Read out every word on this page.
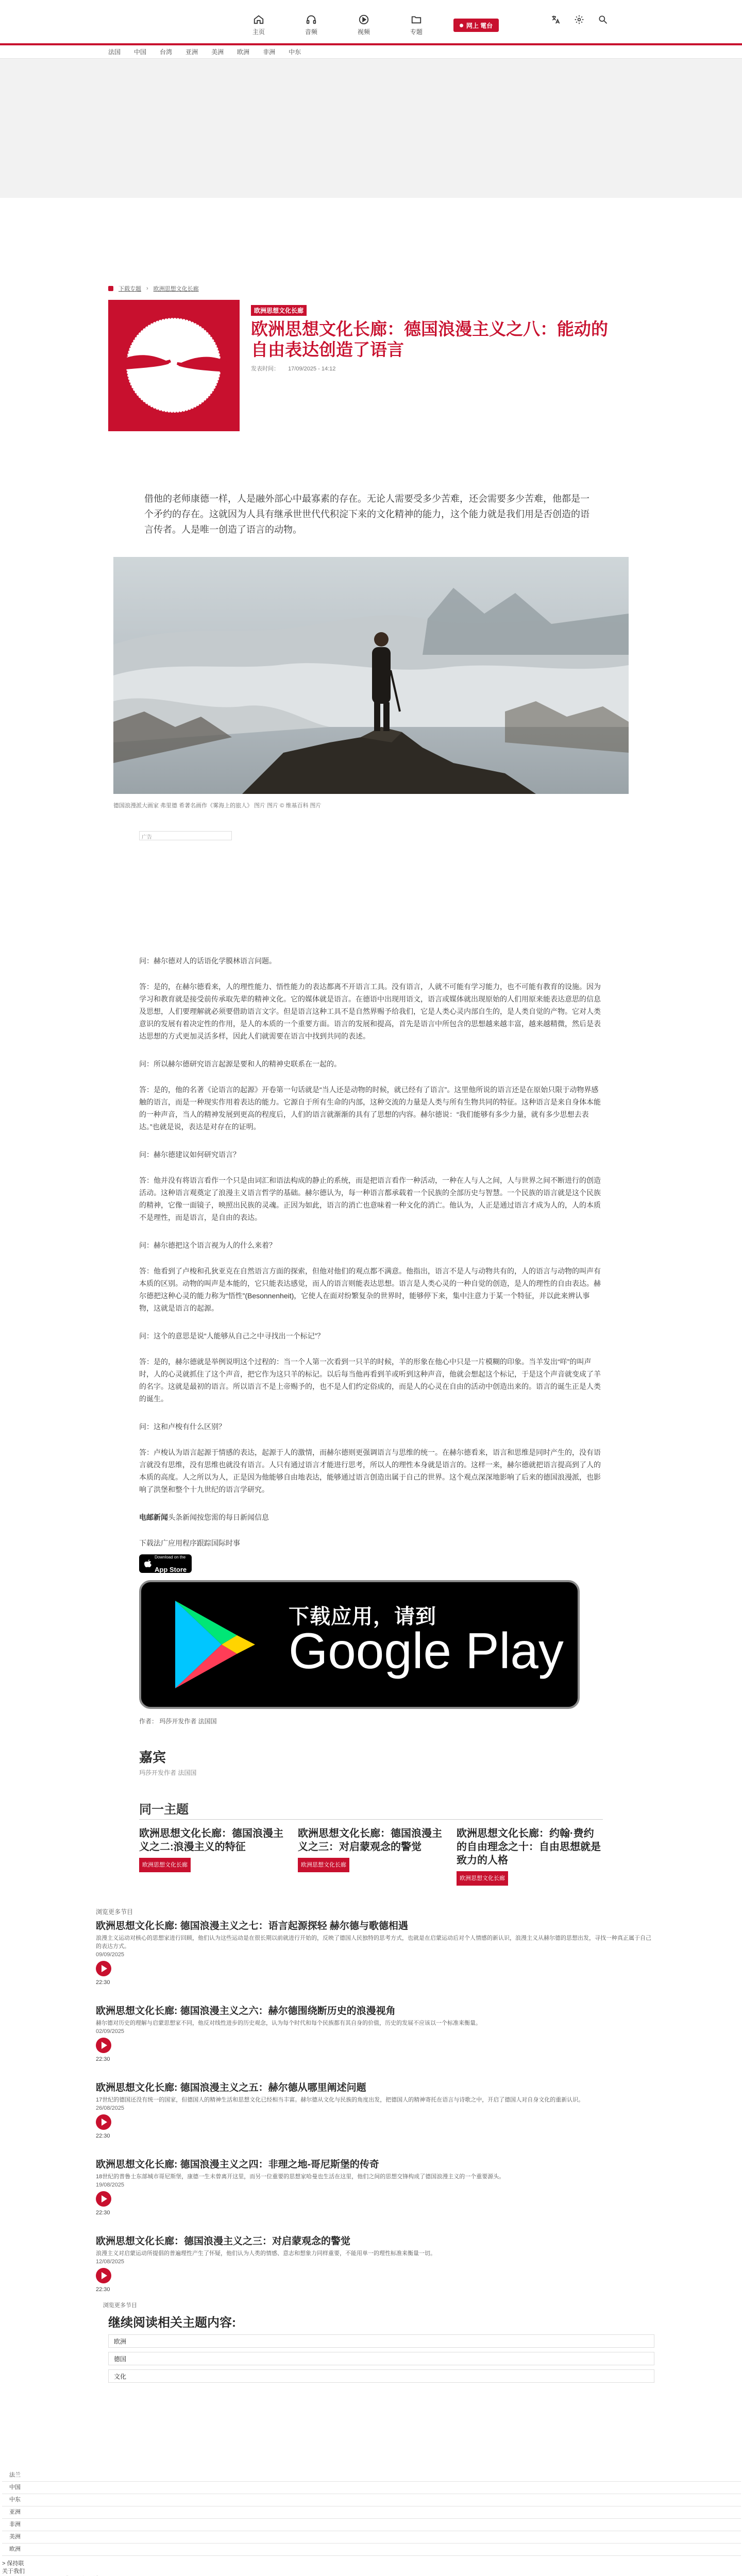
主页	音频	视频	专题
网上 電台
法国 中国 台湾 亚洲 美洲 欧洲 非洲 中东
下载专题 › 欧洲思想文化长廊
欧洲思想文化长廊
欧洲思想文化长廊：德国浪漫主义之八：能动的自由表达创造了语言
发表时间： 17/09/2025 - 14:12

借他的老师康德一样，人是融外部心中最寡素的存在。无论人需要受多少苦难，还会需要多少苦难，他都是一个矛约的存在。这就因为人具有继承世世代代积淀下来的文化精神的能力，这个能力就是我们用是否创造的语言传者。人是唯一创造了语言的动物。

德国浪漫派大画家 弗里德 希著名画作《雾海上的旅人》 图片 图片 © 维基百科 图片

广告

问：赫尔德对人的话语化学膜林语言问题。

答：是的，在赫尔德看来，人的理性能力、悟性能力的表达都离不开语言工具。没有语言，人就不可能有学习能力，也不可能有教育的设施。因为学习和教育就是接受前传承取先辈的精神文化。它的媒体就是语言。在德语中出现用语文，语言或媒体就出现原始的人们用原来能表达意思的信息及思想，人们要理解就必须要借助语言文字。但是语言这种工具不是自然界赐予给我们，它是人类心灵内部自生的，是人类自觉的产物。它对人类意识的发展有着决定性的作用，是人的本质的一个重要方面。语言的发展和提高，首先是语言中所包含的思想越来越丰富，越来越精微，然后是表达思想的方式更加灵活多样，因此人们就需要在语言中找到共同的表述。

问：所以赫尔德研究语言起源是要和人的精神史联系在一起的。

答：是的，他的名著《论语言的起源》开卷第一句话就是“当人还是动物的时候，就已经有了语言”。这里他所说的语言还是在原始只限于动物界感触的语言，而是一种现实作用着表达的能力。它源自于所有生命的内部，这种交流的力量是人类与所有生物共同的特征。这种语言是来自身体本能的一种声音，当人的精神发展到更高的程度后，人们的语言就渐渐的具有了思想的内容。赫尔德说：“我们能够有多少力量，就有多少思想去表达。”也就是说，表达是对存在的证明。

问：赫尔德建议如何研究语言？

答：他并没有将语言看作一个只是由词汇和语法构成的静止的系统，而是把语言看作一种活动，一种在人与人之间，人与世界之间不断进行的创造活动。这种语言观奠定了浪漫主义语言哲学的基础。赫尔德认为，每一种语言都承载着一个民族的全部历史与智慧。一个民族的语言就是这个民族的精神，它像一面镜子，映照出民族的灵魂。正因为如此，语言的消亡也意味着一种文化的消亡。他认为，人正是通过语言才成为人的，人的本质不是理性，而是语言，是自由的表达。

问：赫尔德把这个语言视为人的什么来着？

答：他看到了卢梭和孔狄亚克在自然语言方面的探索，但他对他们的观点都不满意。他指出，语言不是人与动物共有的，人的语言与动物的叫声有本质的区别。动物的叫声是本能的，它只能表达感觉，而人的语言则能表达思想。语言是人类心灵的一种自觉的创造，是人的理性的自由表达。赫尔德把这种心灵的能力称为“悟性”(Besonnenheit)，它使人在面对纷繁复杂的世界时，能够停下来，集中注意力于某一个特征，并以此来辨认事物，这就是语言的起源。

问：这个的意思是说“人能够从自己之中寻找出一个标记”？

答：是的，赫尔德就是举例说明这个过程的：当一个人第一次看到一只羊的时候，羊的形象在他心中只是一片模糊的印象。当羊发出“咩”的叫声时，人的心灵就抓住了这个声音，把它作为这只羊的标记。以后每当他再看到羊或听到这种声音，他就会想起这个标记，于是这个声音就变成了羊的名字。这就是最初的语言。所以语言不是上帝赐予的，也不是人们约定俗成的，而是人的心灵在自由的活动中创造出来的。语言的诞生正是人类的诞生。

问：这和卢梭有什么区别？

答：卢梭认为语言起源于情感的表达，起源于人的激情，而赫尔德则更强调语言与思维的统一。在赫尔德看来，语言和思维是同时产生的，没有语言就没有思维，没有思维也就没有语言。人只有通过语言才能进行思考，所以人的理性本身就是语言的。这样一来，赫尔德就把语言提高到了人的本质的高度。人之所以为人，正是因为他能够自由地表达，能够通过语言创造出属于自己的世界。这个观点深深地影响了后来的德国浪漫派，也影响了洪堡和整个十九世纪的语言学研究。

电邮新闻头条新闻按您需的每日新闻信息
下载法广应用程序跟踪国际时事
Download on the
App Store
下载应用，请到
Google Play
作者： 玛莎开发作者 法国国
嘉宾
玛莎开发作者 法国国
同一主题
欧洲思想文化长廊：德国浪漫主义之二:浪漫主义的特征
欧洲思想文化长廊
欧洲思想文化长廊：德国浪漫主义之三：对启蒙观念的警觉
欧洲思想文化长廊
欧洲思想文化长廊：约翰·费约的自由理念之十：自由思想就是致力的人格
欧洲思想文化长廊
浏览更多节目
欧洲思想文化长廊: 德国浪漫主义之七：语言起源探轻 赫尔德与歌德相遇
浪漫主义运动对核心的思想家进行回顾，他们认为这些运动是在很长期以前就进行开始的，反映了德国人民独特的思考方式，也就是在启蒙运动后对个人情感的新认识，浪漫主义从赫尔德的思想出发，寻找一种真正属于自己的表达方式。
09/09/2025
22:30
欧洲思想文化长廊: 德国浪漫主义之六：赫尔德围绕断历史的浪漫视角
赫尔德对历史的理解与启蒙思想家不同，他反对线性进步的历史观念，认为每个时代和每个民族都有其自身的价值，历史的发展不应该以一个标准来衡量。
02/09/2025
22:30
欧洲思想文化长廊: 德国浪漫主义之五：赫尔德从哪里阐述问题
17世纪的德国还没有统一的国家，但德国人的精神生活和思想文化已经相当丰富。赫尔德从文化与民族的角度出发，把德国人的精神寄托在语言与诗歌之中，开启了德国人对自身文化的重新认识。
26/08/2025
22:30
欧洲思想文化长廊: 德国浪漫主义之四：非理之地-哥尼斯堡的传奇
18世纪的普鲁士东部城市哥尼斯堡，康德一生未曾离开这里，而另一位重要的思想家哈曼也生活在这里，他们之间的思想交锋构成了德国浪漫主义的一个重要源头。
19/08/2025
22:30
欧洲思想文化长廊：德国浪漫主义之三：对启蒙观念的警觉
浪漫主义对启蒙运动所提倡的普遍理性产生了怀疑，他们认为人类的情感、意志和想象力同样重要，不能用单一的理性标准来衡量一切。
12/08/2025
22:30
浏览更多节目
继续阅读相关主题内容:
欧洲
德国
文化
法兰
中国
中东
亚洲
非洲
美洲
欧洲
> 保持联
关于我们
